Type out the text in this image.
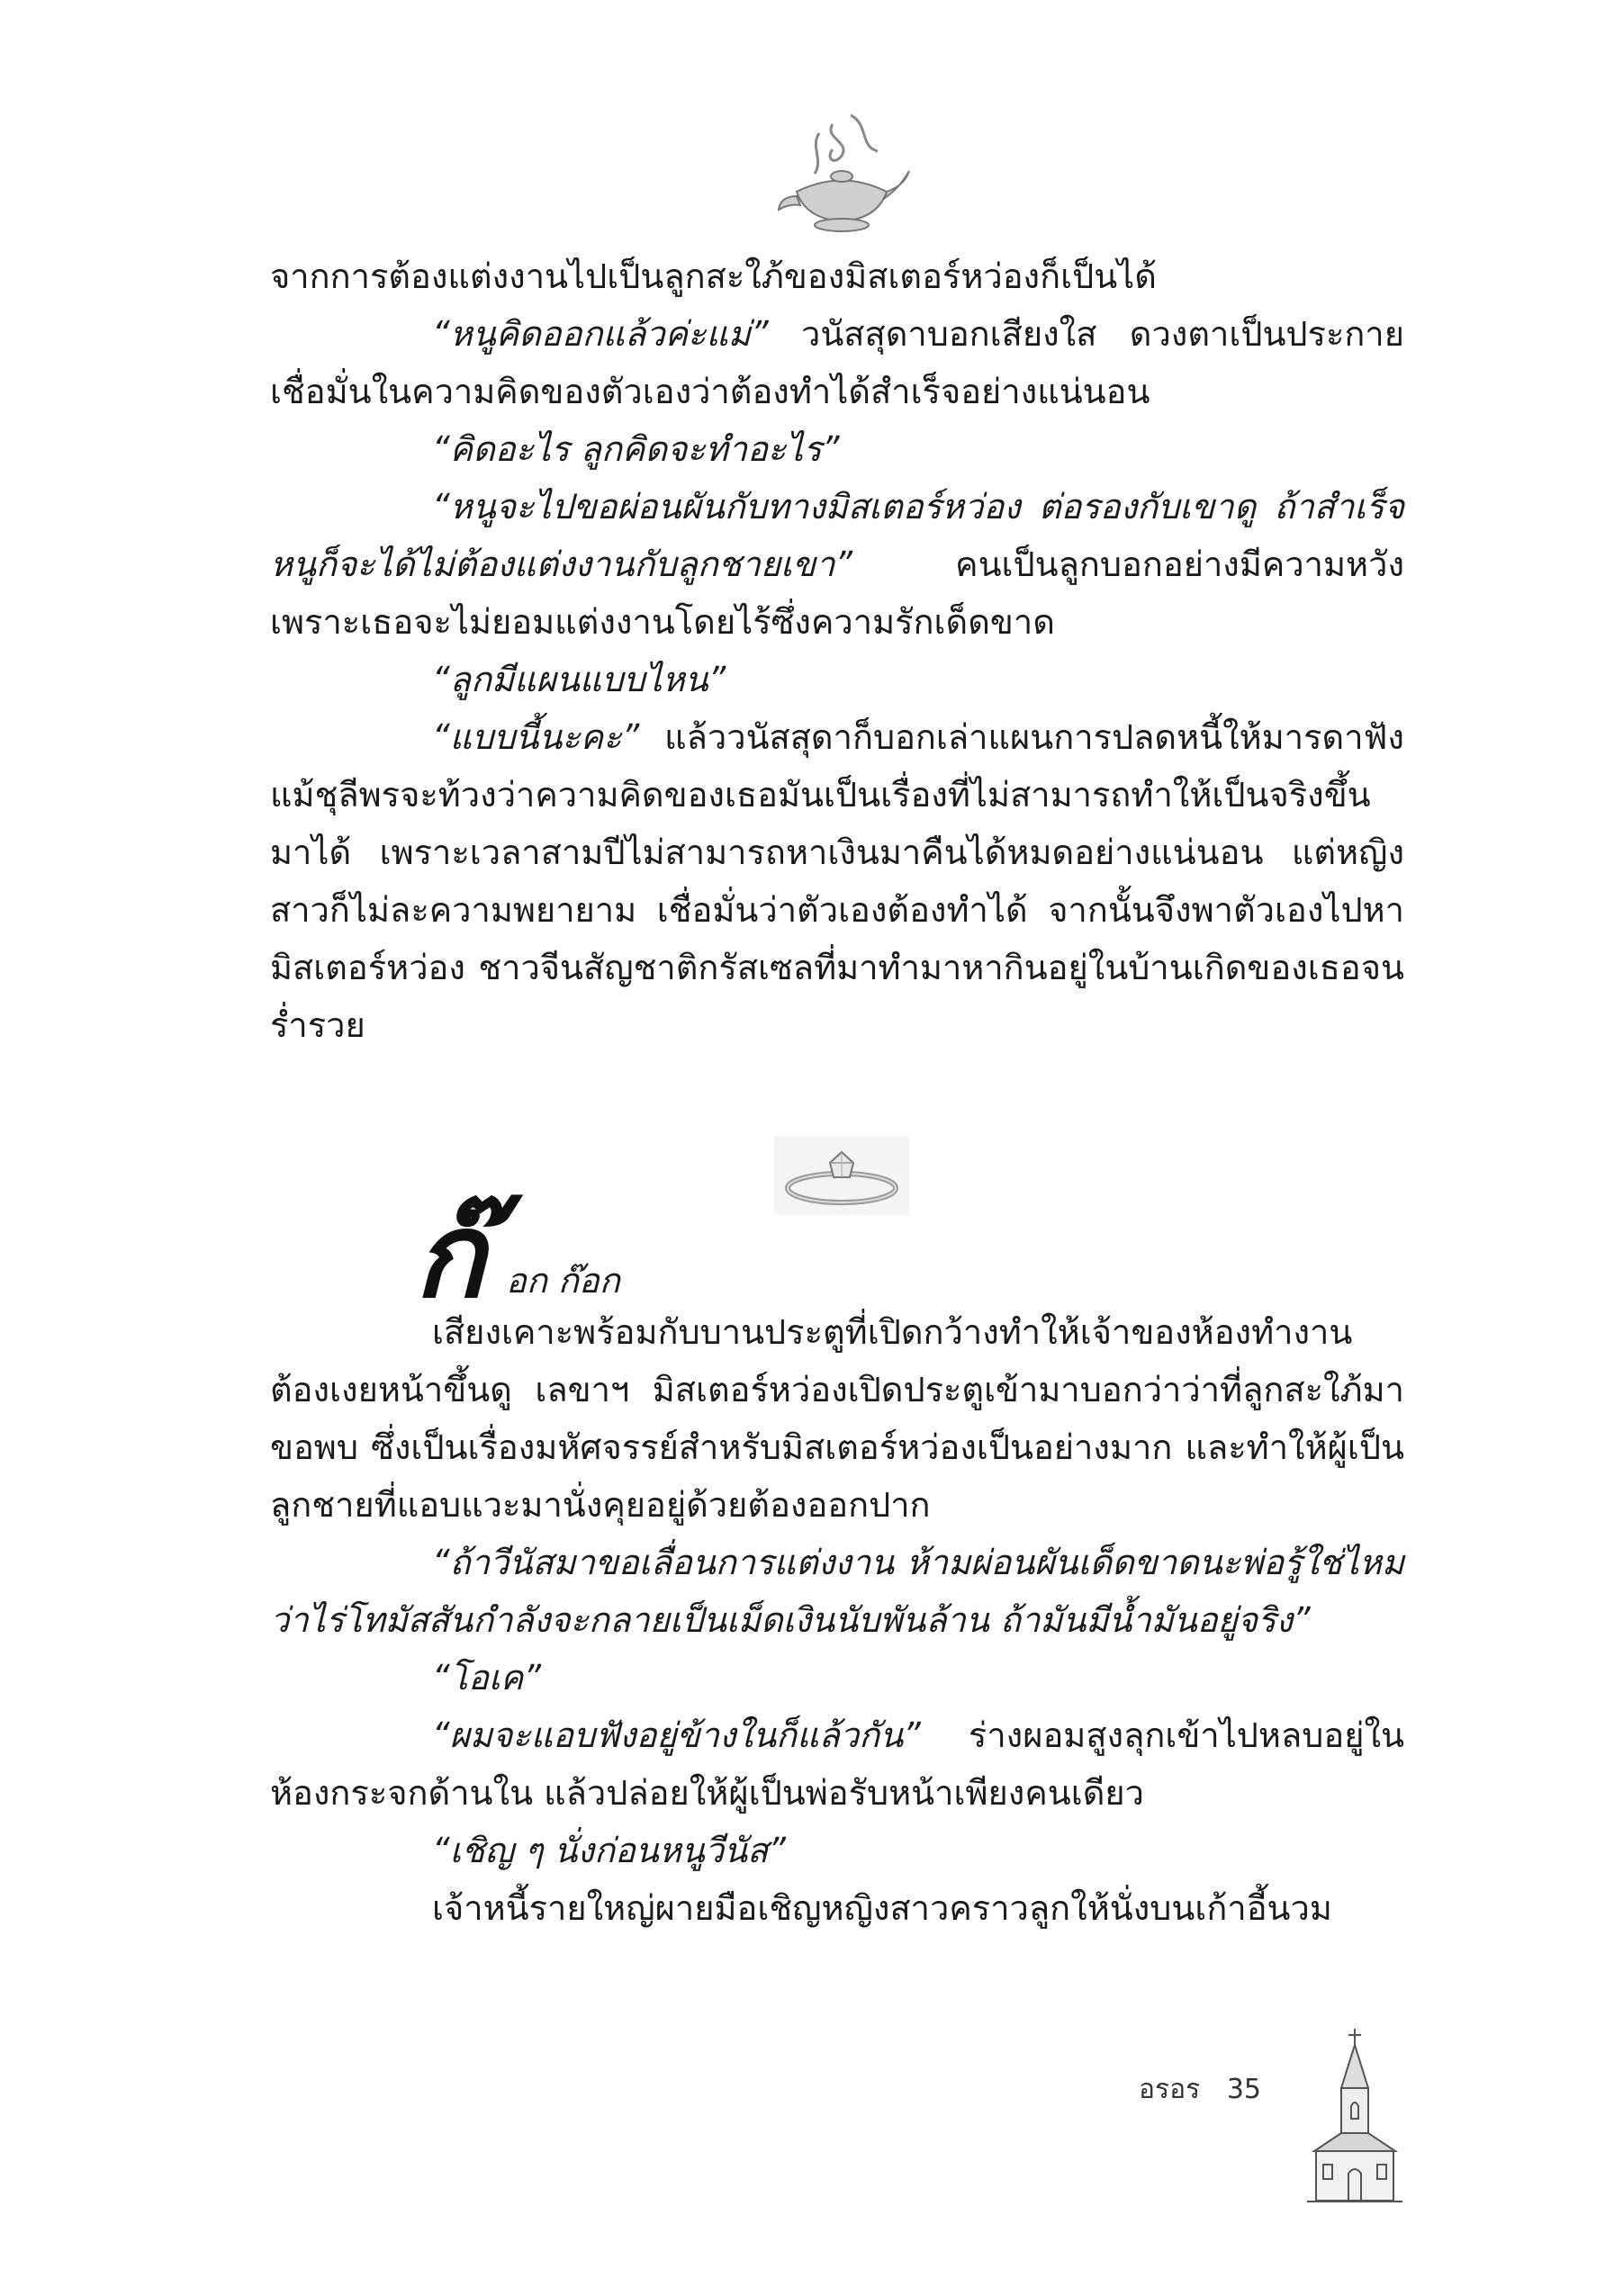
จากการต้องแต่งงานไปเป็นลูกสะใภ้ของมิสเตอร์หว่องก็เป็นได้

“หนูคิดออกแล้วค่ะแม่” วนัสสุดาบอกเสียงใส ดวงตาเป็นประกายเชื่อมั่นในความคิดของตัวเองว่าต้องทำได้สำเร็จอย่างแน่นอน

“คิดอะไร ลูกคิดจะทำอะไร”

“หนูจะไปขอผ่อนผันกับทางมิสเตอร์หว่อง ต่อรองกับเขาดู ถ้าสำเร็จหนูก็จะได้ไม่ต้องแต่งงานกับลูกชายเขา” คนเป็นลูกบอกอย่างมีความหวัง เพราะเธอจะไม่ยอมแต่งงานโดยไร้ซึ่งความรักเด็ดขาด

“ลูกมีแผนแบบไหน”

“แบบนี้นะคะ” แล้ววนัสสุดาก็บอกเล่าแผนการปลดหนี้ให้มารดาฟัง แม้ชุลีพรจะท้วงว่าความคิดของเธอมันเป็นเรื่องที่ไม่สามารถทำให้เป็นจริงขึ้นมาได้ เพราะเวลาสามปีไม่สามารถหาเงินมาคืนได้หมดอย่างแน่นอน แต่หญิงสาวก็ไม่ละความพยายาม เชื่อมั่นว่าตัวเองต้องทำได้ จากนั้นจึงพาตัวเองไปหามิสเตอร์หว่อง ชาวจีนสัญชาติกรัสเซลที่มาทำมาหากินอยู่ในบ้านเกิดของเธอจนร่ำรวย

ก๊ อก ก๊อก

เสียงเคาะพร้อมกับบานประตูที่เปิดกว้างทำให้เจ้าของห้องทำงานต้องเงยหน้าขึ้นดู เลขาฯ มิสเตอร์หว่องเปิดประตูเข้ามาบอกว่าว่าที่ลูกสะใภ้มาขอพบ ซึ่งเป็นเรื่องมหัศจรรย์สำหรับมิสเตอร์หว่องเป็นอย่างมาก และทำให้ผู้เป็นลูกชายที่แอบแวะมานั่งคุยอยู่ด้วยต้องออกปาก

“ถ้าวีนัสมาขอเลื่อนการแต่งงาน ห้ามผ่อนผันเด็ดขาดนะพ่อรู้ใช่ไหมว่าไร่โทมัสสันกำลังจะกลายเป็นเม็ดเงินนับพันล้าน ถ้ามันมีน้ำมันอยู่จริง”

“โอเค”

“ผมจะแอบฟังอยู่ข้างในก็แล้วกัน” ร่างผอมสูงลุกเข้าไปหลบอยู่ในห้องกระจกด้านใน แล้วปล่อยให้ผู้เป็นพ่อรับหน้าเพียงคนเดียว

“เชิญ ๆ นั่งก่อนหนูวีนัส”

เจ้าหนี้รายใหญ่ผายมือเชิญหญิงสาวคราวลูกให้นั่งบนเก้าอี้นวม

อรอร 35
